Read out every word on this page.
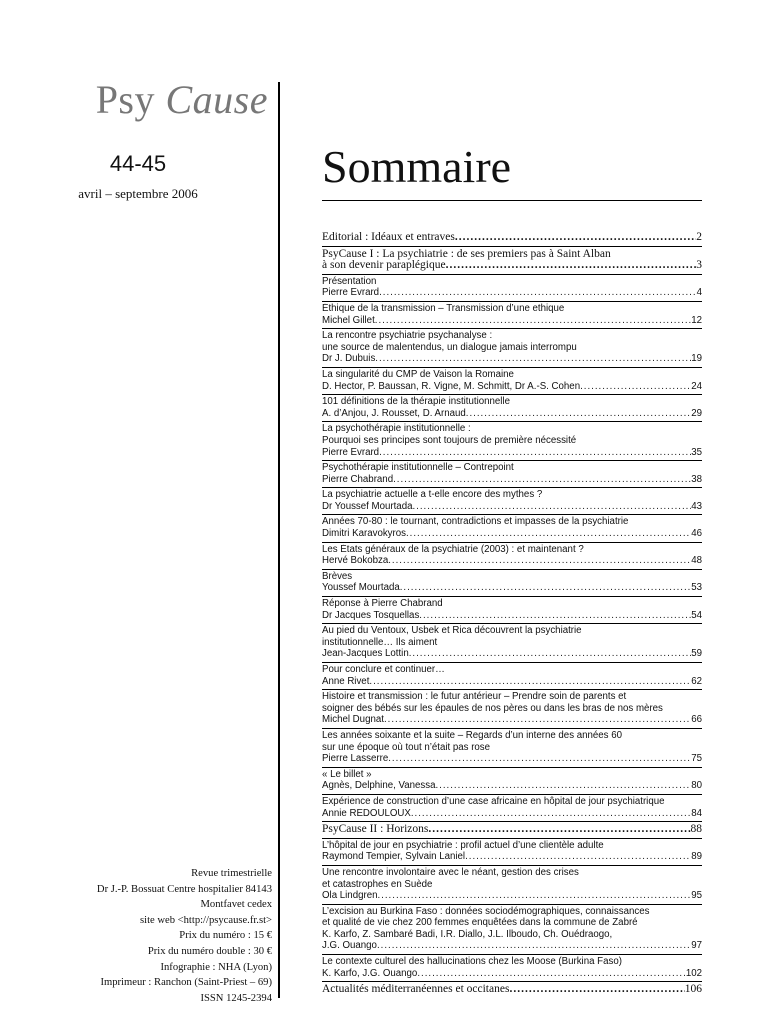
Psy Cause
44-45
avril – septembre 2006
Revue trimestrielle
Dr J.-P. Bossuat Centre hospitalier 84143
Montfavet cedex
site web <http://psycause.fr.st>
Prix du numéro : 15 €
Prix du numéro double : 30 €
Infographie : NHA (Lyon)
Imprimeur : Ranchon (Saint-Priest – 69)
ISSN 1245-2394
Sommaire
Editorial : Idéaux et entraves .....	2
PsyCause I : La psychiatrie : de ses premiers pas à Saint Alban
à son devenir paraplégique .....	3
Présentation
Pierre Evrard .....	4
Éthique de la transmission – Transmission d’une ethique
Michel Gillet .....	12
La rencontre psychiatrie psychanalyse :
une source de malentendus, un dialogue jamais interrompu
Dr J. Dubuis .....	19
La singularité du CMP de Vaison la Romaine
D. Hector, P. Baussan, R. Vigne, M. Schmitt, Dr A.-S. Cohen .....	24
101 définitions de la thérapie institutionnelle
A. d’Anjou, J. Rousset, D. Arnaud .....	29
La psychothérapie institutionnelle :
Pourquoi ses principes sont toujours de première nécessité
Pierre Evrard .....	35
Psychothérapie institutionnelle – Contrepoint
Pierre Chabrand .....	38
La psychiatrie actuelle a t-elle encore des mythes ?
Dr Youssef Mourtada .....	43
Années 70-80 : le tournant, contradictions et impasses de la psychiatrie
Dimitri Karavokyros .....	46
Les États généraux de la psychiatrie (2003) : et maintenant ?
Hervé Bokobza .....	48
Brèves
Youssef Mourtada .....	53
Réponse à Pierre Chabrand
Dr Jacques Tosquellas .....	54
Au pied du Ventoux, Usbek et Rica découvrent la psychiatrie
institutionnelle… Ils aiment
Jean-Jacques Lottin .....	59
Pour conclure et continuer…
Anne Rivet .....	62
Histoire et transmission : le futur antérieur – Prendre soin de parents et
soigner des bébés sur les épaules de nos pères ou dans les bras de nos mères
Michel Dugnat .....	66
Les années soixante et la suite – Regards d’un interne des années 60
sur une époque où tout n’était pas rose
Pierre Lasserre .....	75
« Le billet »
Agnès, Delphine, Vanessa .....	80
Expérience de construction d’une case africaine en hôpital de jour psychiatrique
Annie REDOULOUX .....	84
PsyCause II : Horizons .....	88
L’hôpital de jour en psychiatrie : profil actuel d’une clientèle adulte
Raymond Tempier, Sylvain Laniel .....	89
Une rencontre involontaire avec le néant, gestion des crises
et catastrophes en Suède
Ola Lindgren .....	95
L’excision au Burkina Faso : données sociodémographiques, connaissances
et qualité de vie chez 200 femmes enquêtées dans la commune de Zabré
K. Karfo, Z. Sambaré Badi, I.R. Diallo, J.L. Ilboudo, Ch. Ouédraogo,
J.G. Ouango .....	97
Le contexte culturel des hallucinations chez les Moose (Burkina Faso)
K. Karfo, J.G. Ouango .....	102
Actualités méditerranéennes et occitanes .....	106
